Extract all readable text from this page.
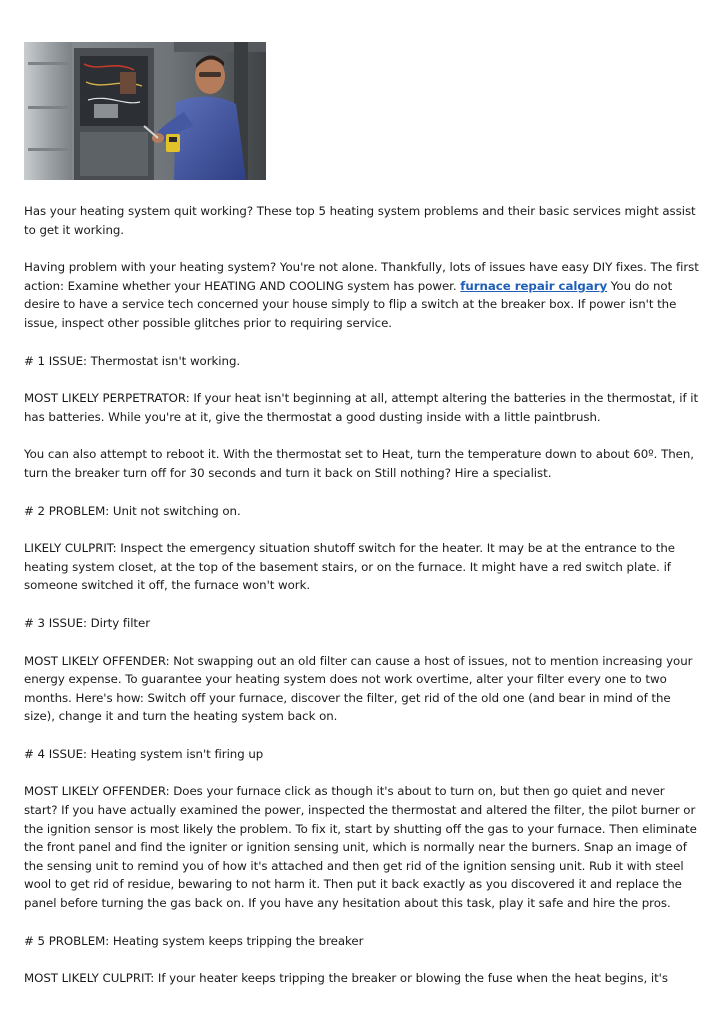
Has your heating system quit working? These top 5 heating system problems and their basic services might assist to get it working.

Having problem with your heating system? You're not alone. Thankfully, lots of issues have easy DIY fixes. The first action: Examine whether your HEATING AND COOLING system has power. furnace repair calgary You do not desire to have a service tech concerned your house simply to flip a switch at the breaker box. If power isn't the issue, inspect other possible glitches prior to requiring service.

# 1 ISSUE: Thermostat isn't working.

MOST LIKELY PERPETRATOR: If your heat isn't beginning at all, attempt altering the batteries in the thermostat, if it has batteries. While you're at it, give the thermostat a good dusting inside with a little paintbrush.

You can also attempt to reboot it. With the thermostat set to Heat, turn the temperature down to about 60º. Then, turn the breaker turn off for 30 seconds and turn it back on Still nothing? Hire a specialist.

# 2 PROBLEM: Unit not switching on.

LIKELY CULPRIT: Inspect the emergency situation shutoff switch for the heater. It may be at the entrance to the heating system closet, at the top of the basement stairs, or on the furnace. It might have a red switch plate. if someone switched it off, the furnace won't work.

# 3 ISSUE: Dirty filter

MOST LIKELY OFFENDER: Not swapping out an old filter can cause a host of issues, not to mention increasing your energy expense. To guarantee your heating system does not work overtime, alter your filter every one to two months. Here's how: Switch off your furnace, discover the filter, get rid of the old one (and bear in mind of the size), change it and turn the heating system back on.

# 4 ISSUE: Heating system isn't firing up

MOST LIKELY OFFENDER: Does your furnace click as though it's about to turn on, but then go quiet and never start? If you have actually examined the power, inspected the thermostat and altered the filter, the pilot burner or the ignition sensor is most likely the problem. To fix it, start by shutting off the gas to your furnace. Then eliminate the front panel and find the igniter or ignition sensing unit, which is normally near the burners. Snap an image of the sensing unit to remind you of how it's attached and then get rid of the ignition sensing unit. Rub it with steel wool to get rid of residue, bewaring to not harm it. Then put it back exactly as you discovered it and replace the panel before turning the gas back on. If you have any hesitation about this task, play it safe and hire the pros.

# 5 PROBLEM: Heating system keeps tripping the breaker

MOST LIKELY CULPRIT: If your heater keeps tripping the breaker or blowing the fuse when the heat begins, it's
